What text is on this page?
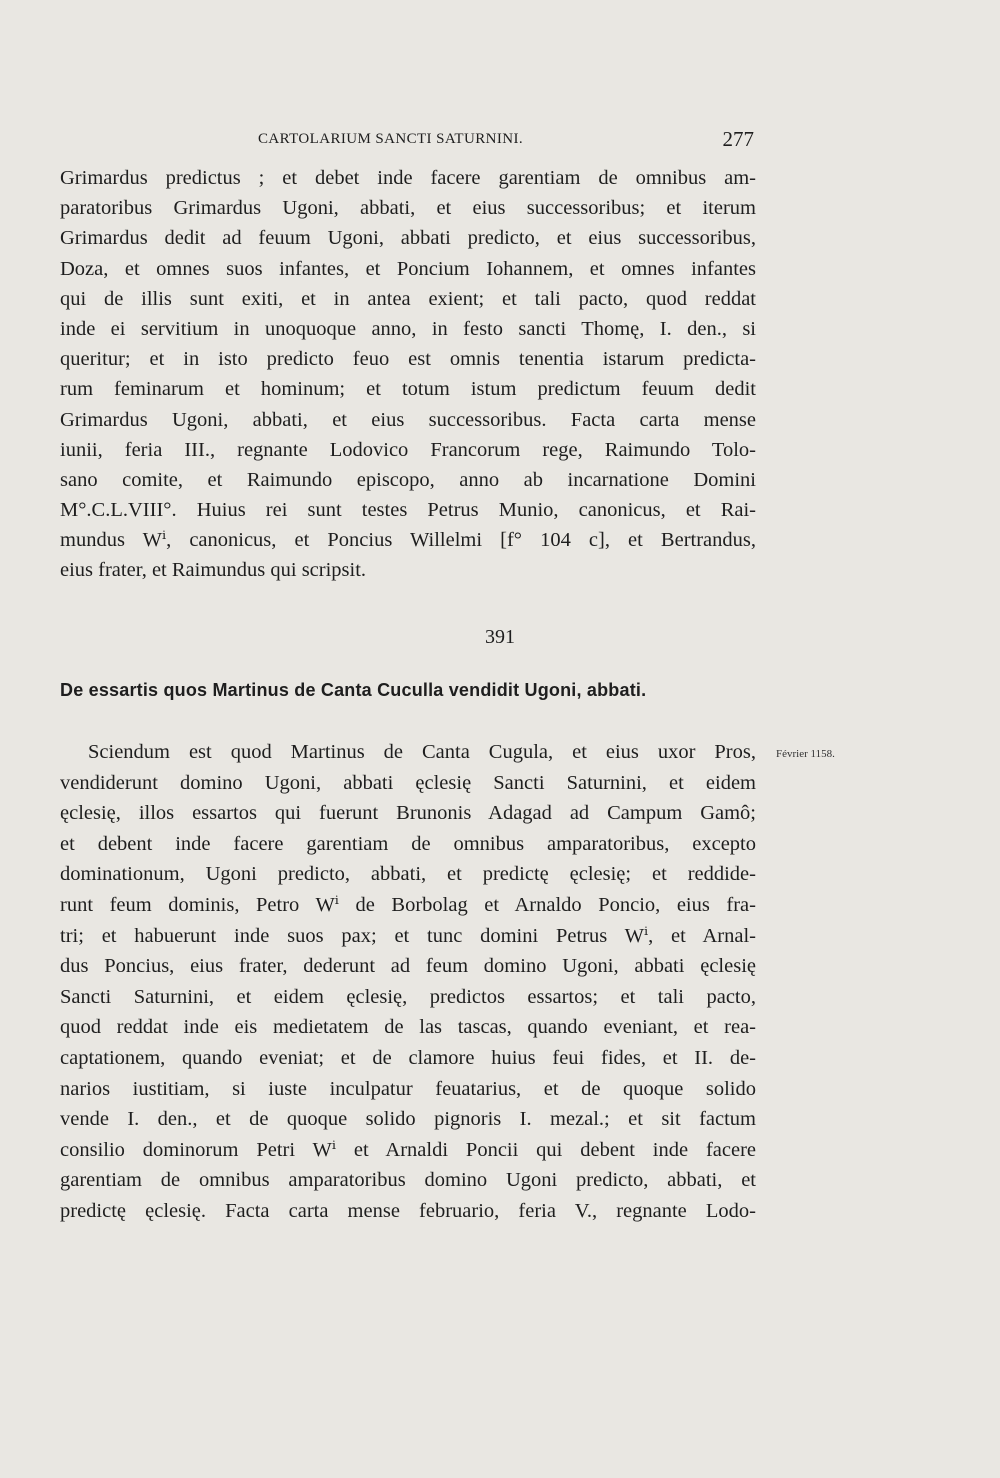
CARTOLARIUM SANCTI SATURNINI.	277
Grimardus predictus ; et debet inde facere garentiam de omnibus am-
paratoribus Grimardus Ugoni, abbati, et eius successoribus; et iterum
Grimardus dedit ad feuum Ugoni, abbati predicto, et eius successoribus,
Doza, et omnes suos infantes, et Poncium Iohannem, et omnes infantes
qui de illis sunt exiti, et in antea exient; et tali pacto, quod reddat
inde ei servitium in unoquoque anno, in festo sancti Thomę, I. den., si
queritur; et in isto predicto feuo est omnis tenentia istarum predicta-
rum feminarum et hominum; et totum istum predictum feuum dedit
Grimardus Ugoni, abbati, et eius successoribus. Facta carta mense
iunii, feria III., regnante Lodovico Francorum rege, Raimundo Tolo-
sano comite, et Raimundo episcopo, anno ab incarnatione Domini
M°.C.L.VIII°. Huius rei sunt testes Petrus Munio, canonicus, et Rai-
mundus Wⁱ, canonicus, et Poncius Willelmi [f° 104 c], et Bertrandus,
eius frater, et Raimundus qui scripsit.
391
De essartis quos Martinus de Canta Cuculla vendidit Ugoni, abbati.
Février 1158.
Sciendum est quod Martinus de Canta Cugula, et eius uxor Pros,
vendiderunt domino Ugoni, abbati ęclesię Sancti Saturnini, et eidem
ęclesię, illos essartos qui fuerunt Brunonis Adagad ad Campum Gamô;
et debent inde facere garentiam de omnibus amparatoribus, excepto
dominationum, Ugoni predicto, abbati, et predictę ęclesię; et reddide-
runt feum dominis, Petro Wⁱ de Borbolag et Arnaldo Poncio, eius fra-
tri; et habuerunt inde suos pax; et tunc domini Petrus Wⁱ, et Arnal-
dus Poncius, eius frater, dederunt ad feum domino Ugoni, abbati ęclesię
Sancti Saturnini, et eidem ęclesię, predictos essartos; et tali pacto,
quod reddat inde eis medietatem de las tascas, quando eveniant, et rea-
captationem, quando eveniat; et de clamore huius feui fides, et II. de-
narios iustitiam, si iuste inculpatur feuatarius, et de quoque solido
vende I. den., et de quoque solido pignoris I. mezal.; et sit factum
consilio dominorum Petri Wⁱ et Arnaldi Poncii qui debent inde facere
garentiam de omnibus amparatoribus domino Ugoni predicto, abbati, et
predictę ęclesię. Facta carta mense februario, feria V., regnante Lodo-
